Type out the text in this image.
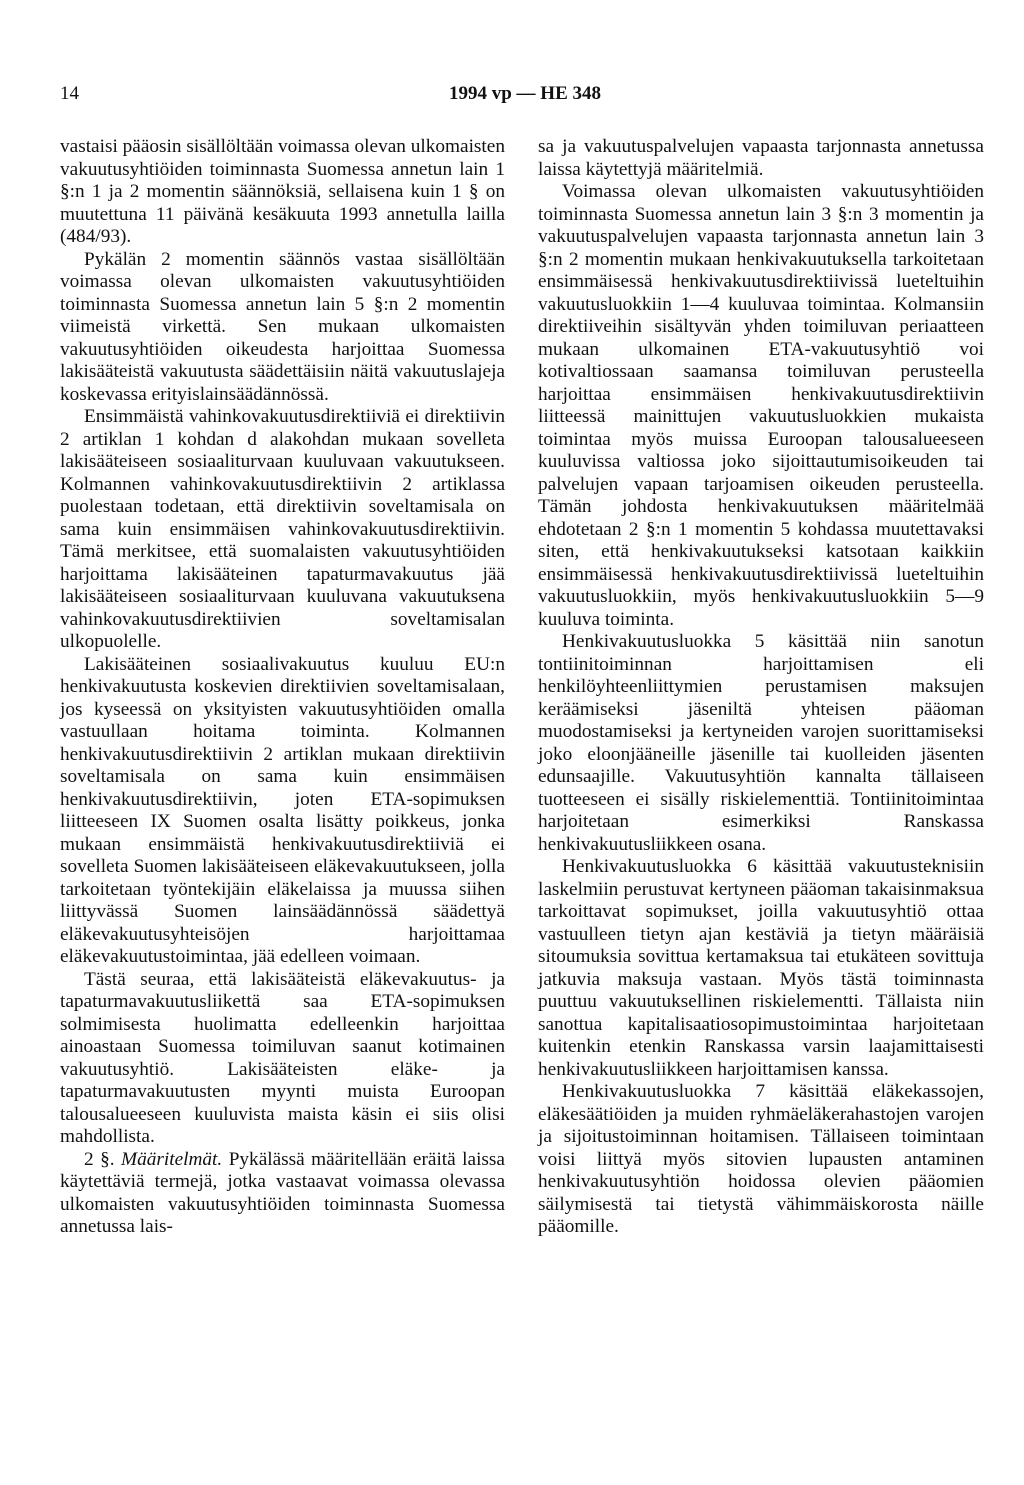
14	1994 vp — HE 348

vastaisi pääosin sisällöltään voimassa olevan ulkomaisten vakuutusyhtiöiden toiminnasta Suomessa annetun lain 1 §:n 1 ja 2 momentin säännöksiä, sellaisena kuin 1 § on muutettuna 11 päivänä kesäkuuta 1993 annetulla lailla (484/93).

Pykälän 2 momentin säännös vastaa sisällöltään voimassa olevan ulkomaisten vakuutusyhtiöiden toiminnasta Suomessa annetun lain 5 §:n 2 momentin viimeistä virkettä. Sen mukaan ulkomaisten vakuutusyhtiöiden oikeudesta harjoittaa Suomessa lakisääteistä vakuutusta säädettäisiin näitä vakuutuslajeja koskevassa erityislainsäädännössä.

Ensimmäistä vahinkovakuutusdirektiiviä ei direktiivin 2 artiklan 1 kohdan d alakohdan mukaan sovelleta lakisääteiseen sosiaaliturvaan kuuluvaan vakuutukseen. Kolmannen vahinkovakuutusdirektiivin 2 artiklassa puolestaan todetaan, että direktiivin soveltamisala on sama kuin ensimmäisen vahinkovakuutusdirektiivin. Tämä merkitsee, että suomalaisten vakuutusyhtiöiden harjoittama lakisääteinen tapaturmavakuutus jää lakisääteiseen sosiaaliturvaan kuuluvana vakuutuksena vahinkovakuutusdirektiivien soveltamisalan ulkopuolelle.

Lakisääteinen sosiaalivakuutus kuuluu EU:n henkivakuutusta koskevien direktiivien soveltamisalaan, jos kyseessä on yksityisten vakuutusyhtiöiden omalla vastuullaan hoitama toiminta. Kolmannen henkivakuutusdirektiivin 2 artiklan mukaan direktiivin soveltamisala on sama kuin ensimmäisen henkivakuutusdirektiivin, joten ETA-sopimuksen liitteeseen IX Suomen osalta lisätty poikkeus, jonka mukaan ensimmäistä henkivakuutusdirektiiviä ei sovelleta Suomen lakisääteiseen eläkevakuutukseen, jolla tarkoitetaan työntekijäin eläkelaissa ja muussa siihen liittyvässä Suomen lainsäädännössä säädettyä eläkevakuutusyhteisöjen harjoittamaa eläkevakuutustoimintaa, jää edelleen voimaan.

Tästä seuraa, että lakisääteistä eläkevakuutus- ja tapaturmavakuutusliikettä saa ETA-sopimuksen solmimisesta huolimatta edelleenkin harjoittaa ainoastaan Suomessa toimiluvan saanut kotimainen vakuutusyhtiö. Lakisääteisten eläke- ja tapaturmavakuutusten myynti muista Euroopan talousalueeseen kuuluvista maista käsin ei siis olisi mahdollista.

2 §. Määritelmät. Pykälässä määritellään eräitä laissa käytettäviä termejä, jotka vastaavat voimassa olevassa ulkomaisten vakuutusyhtiöiden toiminnasta Suomessa annetussa lais-

sa ja vakuutuspalvelujen vapaasta tarjonnasta annetussa laissa käytettyjä määritelmiä.

Voimassa olevan ulkomaisten vakuutusyhtiöiden toiminnasta Suomessa annetun lain 3 §:n 3 momentin ja vakuutuspalvelujen vapaasta tarjonnasta annetun lain 3 §:n 2 momentin mukaan henkivakuutuksella tarkoitetaan ensimmäisessä henkivakuutusdirektiivissä lueteltuihin vakuutusluokkiin 1—4 kuuluvaa toimintaa. Kolmansiin direktiiveihin sisältyvän yhden toimiluvan periaatteen mukaan ulkomainen ETA-vakuutusyhtiö voi kotivaltiossaan saamansa toimiluvan perusteella harjoittaa ensimmäisen henkivakuutusdirektiivin liitteessä mainittujen vakuutusluokkien mukaista toimintaa myös muissa Euroopan talousalueeseen kuuluvissa valtiossa joko sijoittautumisoikeuden tai palvelujen vapaan tarjoamisen oikeuden perusteella. Tämän johdosta henkivakuutuksen määritelmää ehdotetaan 2 §:n 1 momentin 5 kohdassa muutettavaksi siten, että henkivakuutukseksi katsotaan kaikkiin ensimmäisessä henkivakuutusdirektiivissä lueteltuihin vakuutusluokkiin, myös henkivakuutusluokkiin 5—9 kuuluva toiminta.

Henkivakuutusluokka 5 käsittää niin sanotun tontiinitoiminnan harjoittamisen eli henkilöyhteenliittymien perustamisen maksujen keräämiseksi jäseniltä yhteisen pääoman muodostamiseksi ja kertyneiden varojen suorittamiseksi joko eloonjääneille jäsenille tai kuolleiden jäsenten edunsaajille. Vakuutusyhtiön kannalta tällaiseen tuotteeseen ei sisälly riskielementtiä. Tontiinitoimintaa harjoitetaan esimerkiksi Ranskassa henkivakuutusliikkeen osana.

Henkivakuutusluokka 6 käsittää vakuutusteknisiin laskelmiin perustuvat kertyneen pääoman takaisinmaksua tarkoittavat sopimukset, joilla vakuutusyhtiö ottaa vastuulleen tietyn ajan kestäviä ja tietyn määräisiä sitoumuksia sovittua kertamaksua tai etukäteen sovittuja jatkuvia maksuja vastaan. Myös tästä toiminnasta puuttuu vakuutuksellinen riskielementti. Tällaista niin sanottua kapitalisaatiosopimustoimintaa harjoitetaan kuitenkin etenkin Ranskassa varsin laajamittaisesti henkivakuutusliikkeen harjoittamisen kanssa.

Henkivakuutusluokka 7 käsittää eläkekassojen, eläkesäätiöiden ja muiden ryhmäeläkerahastojen varojen ja sijoitustoiminnan hoitamisen. Tällaiseen toimintaan voisi liittyä myös sitovien lupausten antaminen henkivakuutusyhtiön hoidossa olevien pääomien säilymisestä tai tietystä vähimmäiskorosta näille pääomille.
